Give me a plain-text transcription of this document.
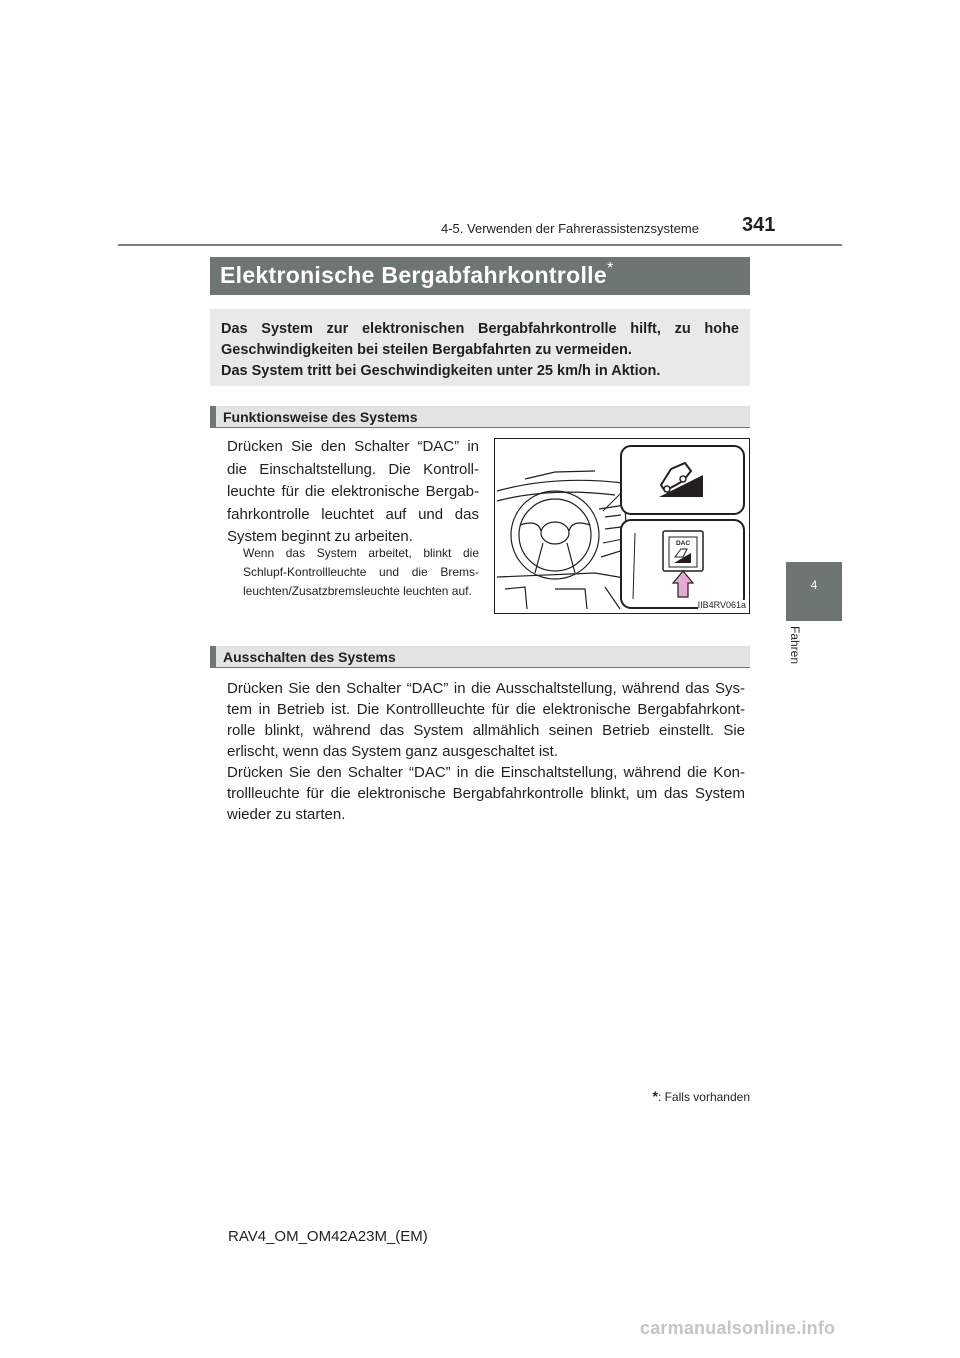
4-5. Verwenden der Fahrerassistenzsysteme 341
4
Fahren
Elektronische Bergabfahrkontrolle*

Das System zur elektronischen Bergabfahrkontrolle hilft, zu hohe Geschwindigkeiten bei steilen Bergabfahrten zu vermeiden.

Das System tritt bei Geschwindigkeiten unter 25 km/h in Aktion.

Funktionsweise des Systems

Drücken Sie den Schalter “DAC” in die Einschaltstellung. Die Kontroll-leuchte für die elektronische Bergab-fahrkontrolle leuchtet auf und das System beginnt zu arbeiten.

Wenn das System arbeitet, blinkt die Schlupf-Kontrollleuchte und die Brems-leuchten/Zusatzbremsleuchte leuchten auf.

DAC
IIB4RV061a
Ausschalten des Systems
Drücken Sie den Schalter “DAC” in die Ausschaltstellung, während das Sys-tem in Betrieb ist. Die Kontrollleuchte für die elektronische Bergabfahrkont-rolle blinkt, während das System allmählich seinen Betrieb einstellt. Sie erlischt, wenn das System ganz ausgeschaltet ist.
Drücken Sie den Schalter “DAC” in die Einschaltstellung, während die Kon-trollleuchte für die elektronische Bergabfahrkontrolle blinkt, um das System wieder zu starten.
*: Falls vorhanden
RAV4_OM_OM42A23M_(EM)
carmanualsonline.info
